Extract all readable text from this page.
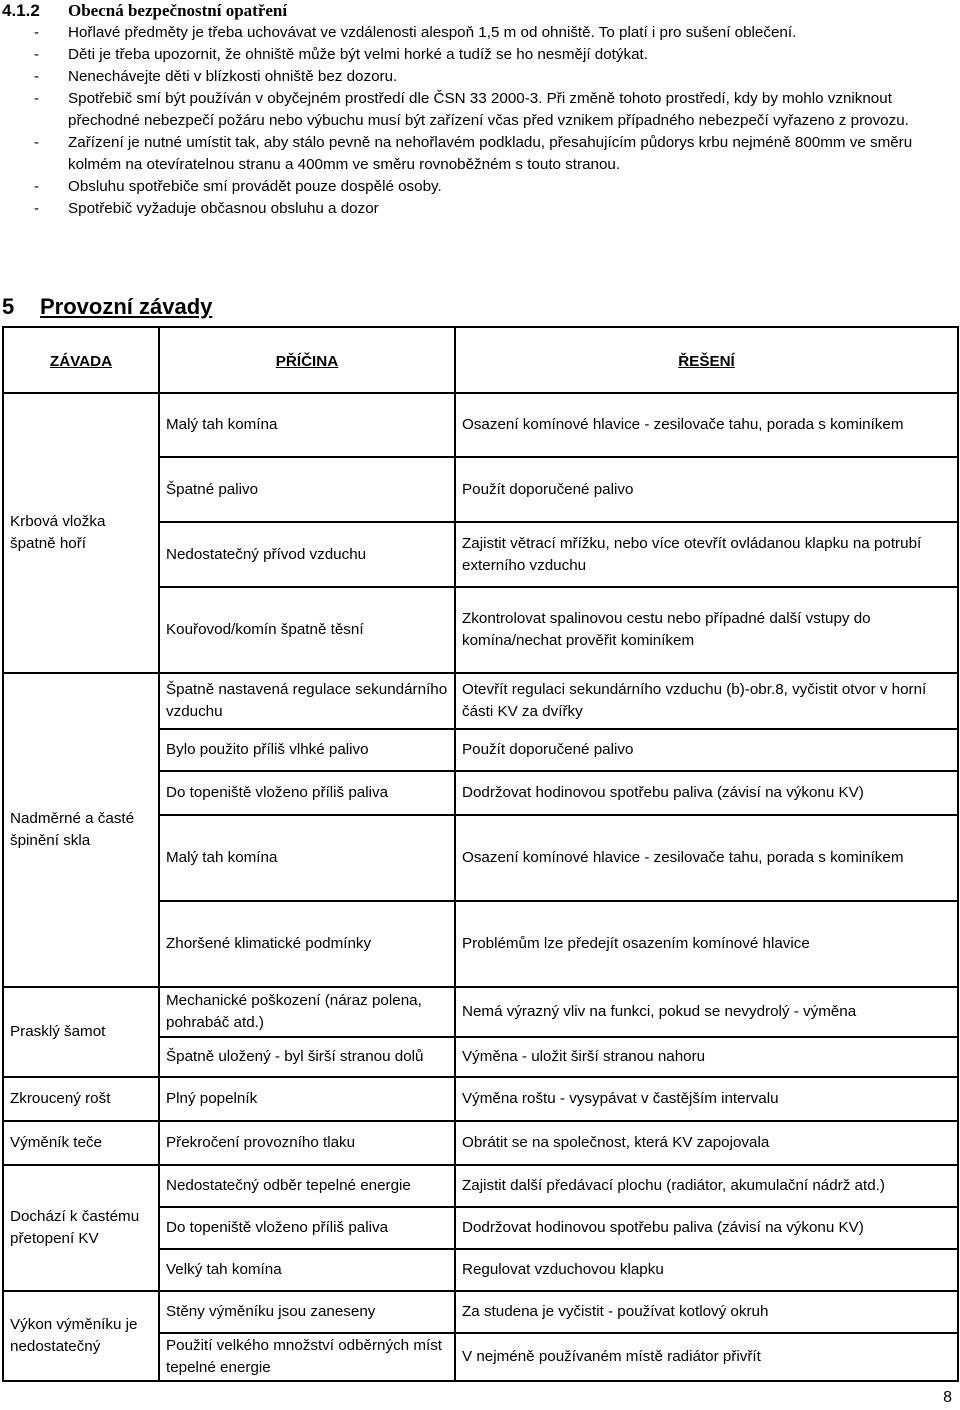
4.1.2 Obecná bezpečnostní opatření
- Hořlavé předměty je třeba uchovávat ve vzdálenosti alespoň 1,5 m od ohniště. To platí i pro sušení oblečení.
- Děti je třeba upozornit, že ohniště může být velmi horké a tudíž se ho nesmějí dotýkat.
- Nenechávejte děti v blízkosti ohniště bez dozoru.
- Spotřebič smí být používán v obyčejném prostředí dle ČSN 33 2000-3. Při změně tohoto prostředí, kdy by mohlo vzniknout přechodné nebezpečí požáru nebo výbuchu musí být zařízení včas před vznikem případného nebezpečí vyřazeno z provozu.
- Zařízení je nutné umístit tak, aby stálo pevně na nehořlavém podkladu, přesahujícím půdorys krbu nejméně 800mm ve směru kolmém na otevíratelnou stranu a 400mm ve směru rovnoběžném s touto stranou.
- Obsluhu spotřebiče smí provádět pouze dospělé osoby.
- Spotřebič vyžaduje občasnou obsluhu a dozor
5 Provozní závady
ZÁVADA	PŘÍČINA	ŘEŠENÍ
Krbová vložka špatně hoří	Malý tah komína	Osazení komínové hlavice - zesilovače tahu, porada s kominíkem
	Špatné palivo	Použít doporučené palivo
	Nedostatečný přívod vzduchu	Zajistit větrací mřížku, nebo více otevřít ovládanou klapku na potrubí externího vzduchu
	Kouřovod/komín špatně těsní	Zkontrolovat spalinovou cestu nebo případné další vstupy do komína/nechat prověřit kominíkem
Nadměrné a časté špinění skla	Špatně nastavená regulace sekundárního vzduchu	Otevřít regulaci sekundárního vzduchu (b)-obr.8, vyčistit otvor v horní části KV za dvířky
	Bylo použito příliš vlhké palivo	Použít doporučené palivo
	Do topeniště vloženo příliš paliva	Dodržovat hodinovou spotřebu paliva (závisí na výkonu KV)
	Malý tah komína	Osazení komínové hlavice - zesilovače tahu, porada s kominíkem
	Zhoršené klimatické podmínky	Problémům lze předejít osazením komínové hlavice
Prasklý šamot	Mechanické poškození (náraz polena, pohrabáč atd.)	Nemá výrazný vliv na funkci, pokud se nevydrolý - výměna
	Špatně uložený - byl širší stranou dolů	Výměna - uložit širší stranou nahoru
Zkroucený rošt	Plný popelník	Výměna roštu - vysypávat v častějším intervalu
Výměník teče	Překročení provozního tlaku	Obrátit se na společnost, která KV zapojovala
Dochází k častému přetopení KV	Nedostatečný odběr tepelné energie	Zajistit další předávací plochu (radiátor, akumulační nádrž atd.)
	Do topeniště vloženo příliš paliva	Dodržovat hodinovou spotřebu paliva (závisí na výkonu KV)
	Velký tah komína	Regulovat vzduchovou klapku
Výkon výměníku je nedostatečný	Stěny výměníku jsou zaneseny	Za studena je vyčistit - používat kotlový okruh
	Použití velkého množství odběrných míst tepelné energie	V nejméně používaném místě radiátor přivřít
8
